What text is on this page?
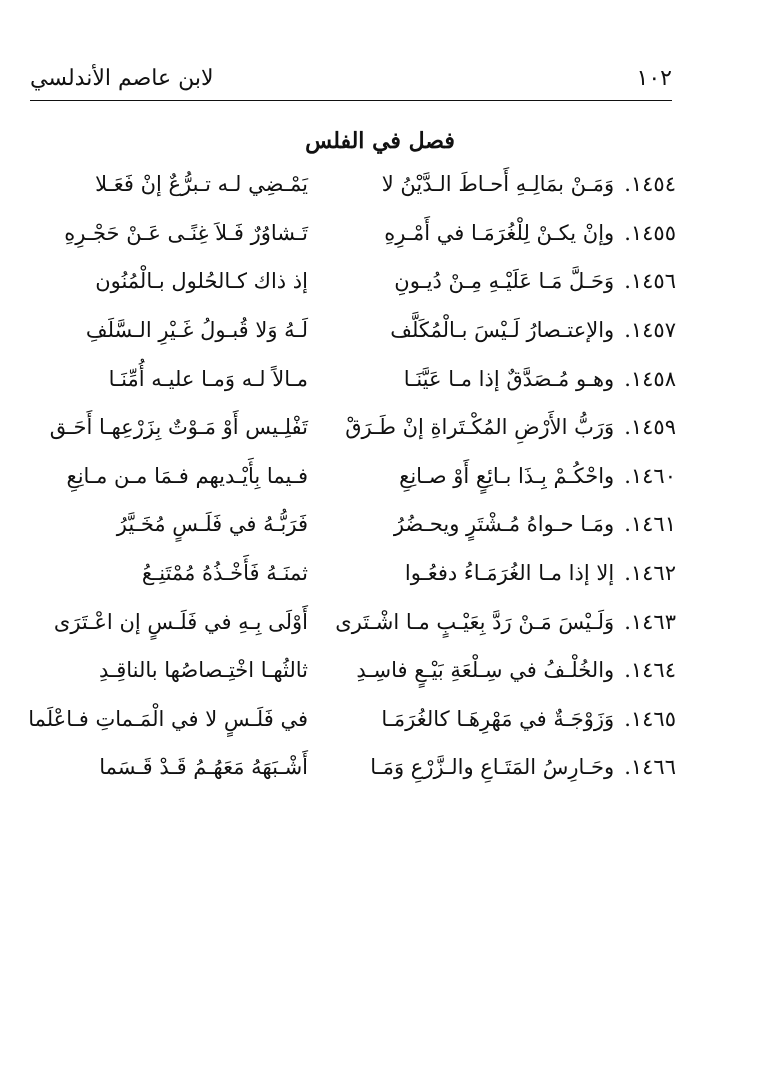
١٠٢
لابن عاصم الأندلسي
فصل في الفلس
١٤٥٤.
وَمَـنْ بمَالِـهِ أَحـاطَ الـدَّيْنُ لا
يَمْـضِي لـه تـبرُّعٌ إنْ فَعَـلا
١٤٥٥.
وإنْ يكـنْ لِلْغُرَمَـا في أَمْـرِهِ
تَـشاوُرٌ فَـلاَ غِنًـى عَـنْ حَجْـرِهِ
١٤٥٦.
وَحَـلَّ مَـا عَلَيْـهِ مِـنْ دُيـونِ
إذ ذاك كـالحُلول بـالْمُنُون
١٤٥٧.
والإعتـصارُ لَـيْسَ بـالْمُكَلَّف
لَـهُ وَلا قُبـولُ غَـيْرِ الـسَّلَفِ
١٤٥٨.
وهـو مُـصَدَّقٌ إذا مـا عَيَّنَـا
مـالاً لـه وَمـا عليـه أُمِّنَـا
١٤٥٩.
وَرَبُّ الأَرْضِ المُكْـتَراةِ إنْ طَـرَقْ
تَفْلِـيس أَوْ مَـوْتٌ بِزَرْعِهـا أَحَـق
١٤٦٠.
واحْكُـمْ بِـذَا بـائِعٍ أَوْ صـانِعِ
فـيما بِأَيْـديهم فـمَا مـن مـانِعِ
١٤٦١.
ومَـا حـواهُ مُـشْتَرٍ ويحـضُرُ
فَرَبُّـهُ في فَلَـسٍ مُخَـيَّرُ
١٤٦٢.
إلا إذا مـا الغُرَمَـاءُ دفعُـوا
ثمنَـهُ فَأَخْـذُهُ مُمْتَنِـعُ
١٤٦٣.
وَلَـيْسَ مَـنْ رَدَّ بِعَيْـبٍ مـا اشْـتَرى
أَوْلَى بِـهِ في فَلَـسٍ إن اعْـتَرَى
١٤٦٤.
والخُلْـفُ في سِـلْعَةِ بَيْـعٍ فاسِـدِ
ثالثُهـا اخْتِـصاصُها بالناقِـدِ
١٤٦٥.
وَزَوْجَـةٌ في مَهْرِهَـا كالغُرَمَـا
في فَلَـسٍ لا في الْمَـماتِ فـاعْلَما
١٤٦٦.
وحَـارِسُ المَتَـاعِ والـزَّرْعِ وَمَـا
أَشْـبَهَهُ مَعَهُـمُ قَـدْ قَـسَما
